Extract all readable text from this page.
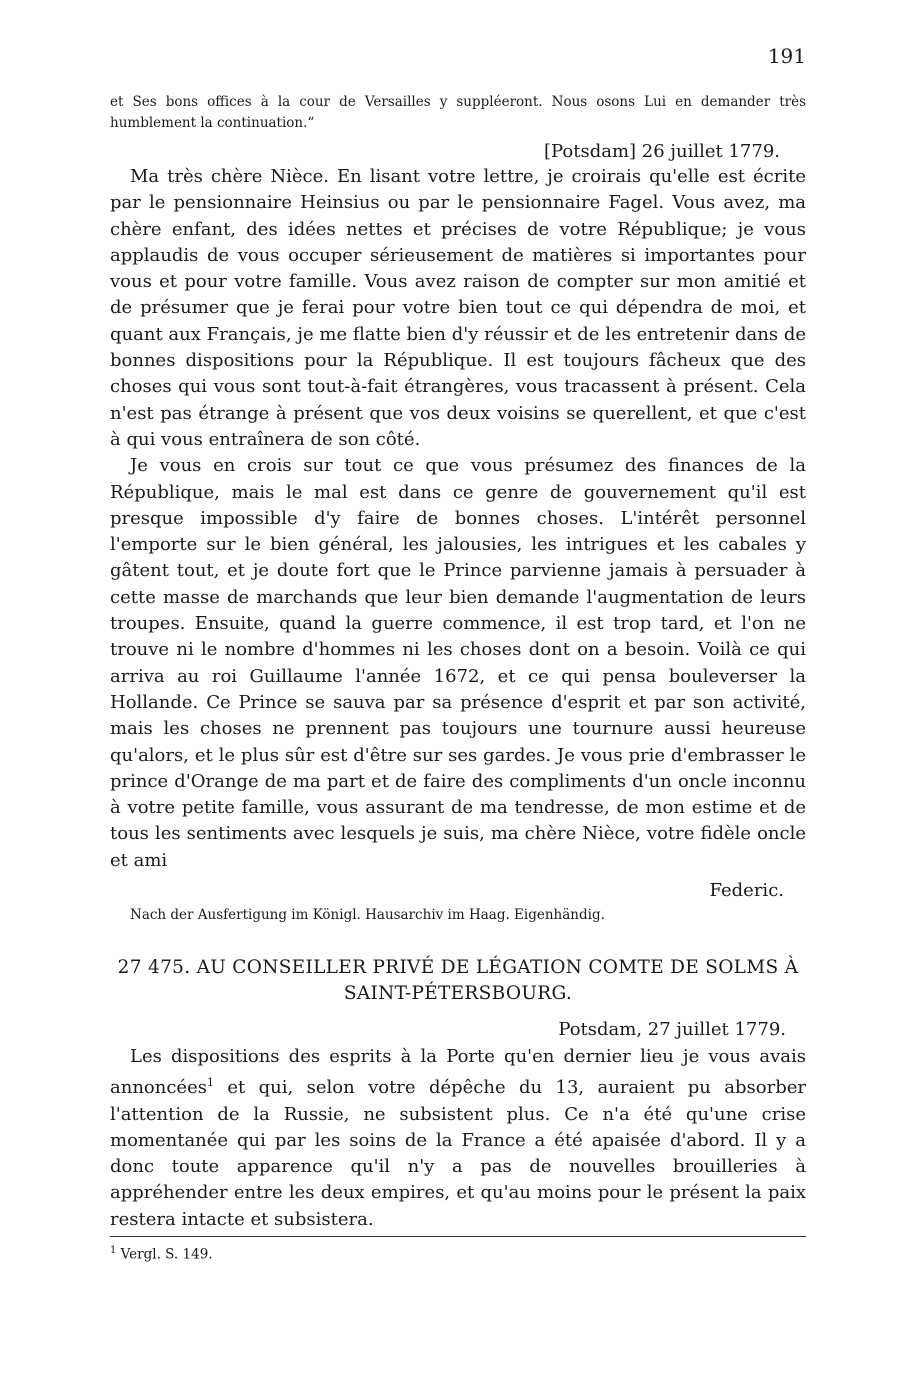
191

et Ses bons offices à la cour de Versailles y suppléeront. Nous osons Lui en demander très humblement la continuation.“

[Potsdam] 26 juillet 1779.

Ma très chère Nièce. En lisant votre lettre, je croirais qu'elle est écrite par le pensionnaire Heinsius ou par le pensionnaire Fagel. Vous avez, ma chère enfant, des idées nettes et précises de votre République; je vous applaudis de vous occuper sérieusement de matières si importantes pour vous et pour votre famille. Vous avez raison de compter sur mon amitié et de présumer que je ferai pour votre bien tout ce qui dépendra de moi, et quant aux Français, je me flatte bien d'y réussir et de les entretenir dans de bonnes dispositions pour la République. Il est toujours fâcheux que des choses qui vous sont tout-à-fait étrangères, vous tracassent à présent. Cela n'est pas étrange à présent que vos deux voisins se querellent, et que c'est à qui vous entraînera de son côté.

Je vous en crois sur tout ce que vous présumez des finances de la République, mais le mal est dans ce genre de gouvernement qu'il est presque impossible d'y faire de bonnes choses. L'intérêt personnel l'emporte sur le bien général, les jalousies, les intrigues et les cabales y gâtent tout, et je doute fort que le Prince parvienne jamais à persuader à cette masse de marchands que leur bien demande l'augmentation de leurs troupes. Ensuite, quand la guerre commence, il est trop tard, et l'on ne trouve ni le nombre d'hommes ni les choses dont on a besoin. Voilà ce qui arriva au roi Guillaume l'année 1672, et ce qui pensa bouleverser la Hollande. Ce Prince se sauva par sa présence d'esprit et par son activité, mais les choses ne prennent pas toujours une tournure aussi heureuse qu'alors, et le plus sûr est d'être sur ses gardes. Je vous prie d'embrasser le prince d'Orange de ma part et de faire des compliments d'un oncle inconnu à votre petite famille, vous assurant de ma tendresse, de mon estime et de tous les sentiments avec lesquels je suis, ma chère Nièce, votre fidèle oncle et ami

Federic.
Nach der Ausfertigung im Königl. Hausarchiv im Haag. Eigenhändig.
27 475. AU CONSEILLER PRIVÉ DE LÉGATION COMTE DE SOLMS À SAINT-PÉTERSBOURG.
Potsdam, 27 juillet 1779.

Les dispositions des esprits à la Porte qu'en dernier lieu je vous avais annoncées$^1$ et qui, selon votre dépêche du 13, auraient pu absorber l'attention de la Russie, ne subsistent plus. Ce n'a été qu'une crise momentanée qui par les soins de la France a été apaisée d'abord. Il y a donc toute apparence qu'il n'y a pas de nouvelles brouilleries à appréhender entre les deux empires, et qu'au moins pour le présent la paix restera intacte et subsistera.

$^1$ Vergl. S. 149.
